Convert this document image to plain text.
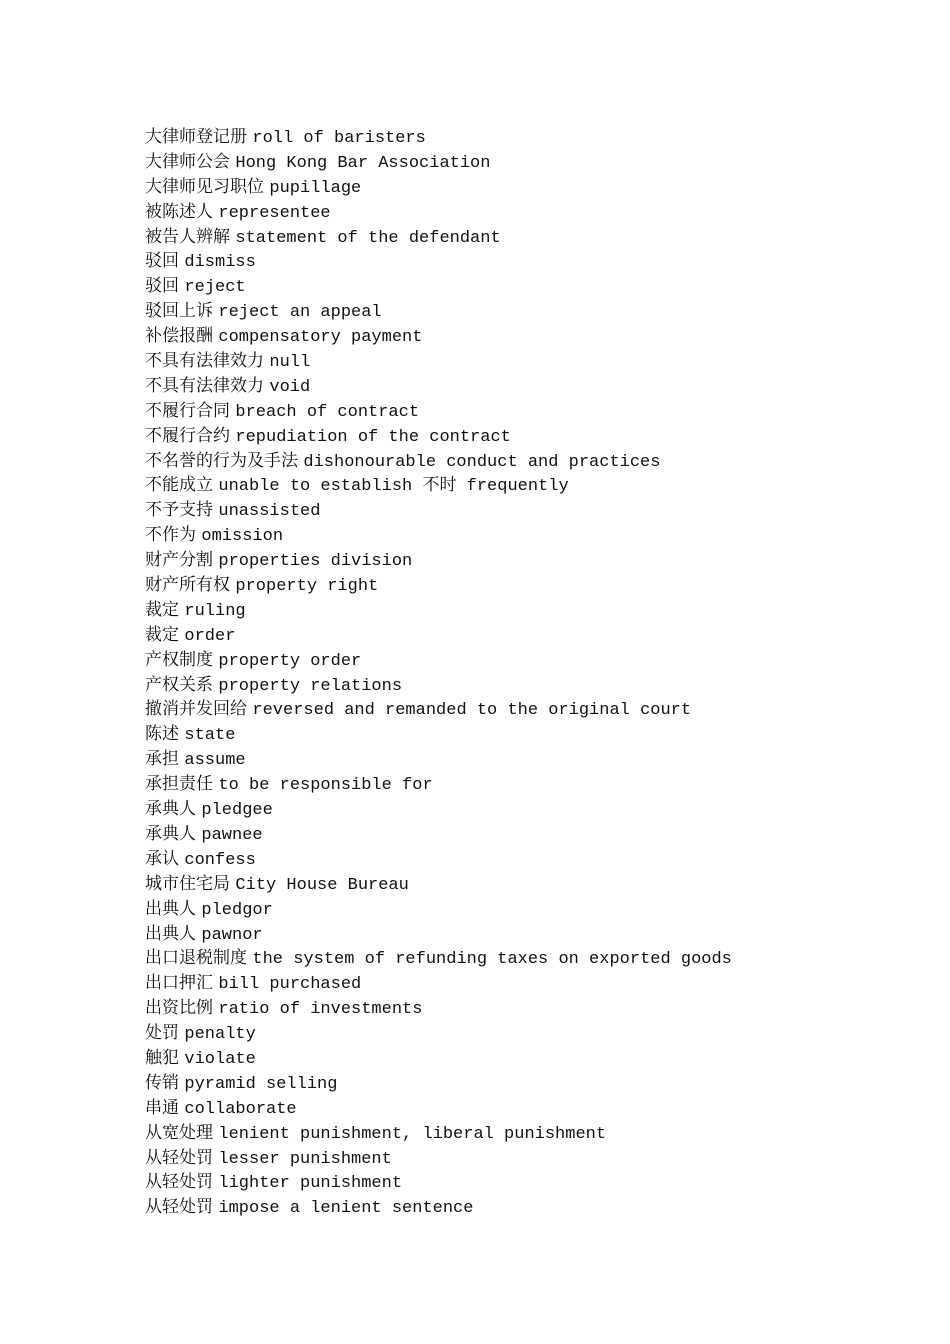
大律师登记册 roll of baristers
大律师公会 Hong Kong Bar Association
大律师见习职位 pupillage
被陈述人 representee
被告人辨解 statement of the defendant
驳回 dismiss
驳回 reject
驳回上诉 reject an appeal
补偿报酬 compensatory payment
不具有法律效力 null
不具有法律效力 void
不履行合同 breach of contract
不履行合约 repudiation of the contract
不名誉的行为及手法 dishonourable conduct and practices
不能成立 unable to establish 不时 frequently
不予支持 unassisted
不作为 omission
财产分割 properties division
财产所有权 property right
裁定 ruling
裁定 order
产权制度 property order
产权关系 property relations
撤消并发回给 reversed and remanded to the original court
陈述 state
承担 assume
承担责任 to be responsible for
承典人 pledgee
承典人 pawnee
承认 confess
城市住宅局 City House Bureau
出典人 pledgor
出典人 pawnor
出口退税制度 the system of refunding taxes on exported goods
出口押汇 bill purchased
出资比例 ratio of investments
处罚 penalty
触犯 violate
传销 pyramid selling
串通 collaborate
从宽处理 lenient punishment, liberal punishment
从轻处罚 lesser punishment
从轻处罚 lighter punishment
从轻处罚 impose a lenient sentence
